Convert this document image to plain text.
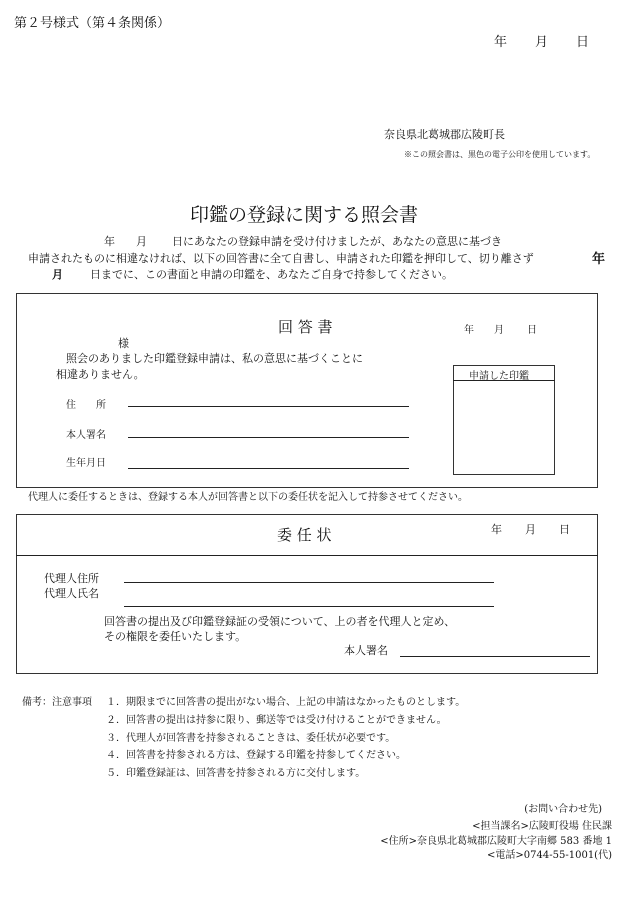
第２号様式（第４条関係）
年 月 日
奈良県北葛城郡広陵町長
※この照会書は、黒色の電子公印を使用しています。
印鑑の登録に関する照会書
年 月 日にあなたの登録申請を受け付けましたが、あなたの意思に基づき
申請されたものに相違なければ、以下の回答書に全て自書し、申請された印鑑を押印して、切り離さず	年
月 日までに、この書面と申請の印鑑を、あなたご自身で持参してください。
回 答 書	年 月 日
様
照会のありました印鑑登録申請は、私の意思に基づくことに
相違ありません。
住　　所
本人署名
生年月日
申請した印鑑
代理人に委任するときは、登録する本人が回答書と以下の委任状を記入して持参させてください。
委 任 状	年 月 日
代理人住所
代理人氏名
回答書の提出及び印鑑登録証の受領について、上の者を代理人と定め、
その権限を委任いたします。
本人署名
備考：注意事項 １．期限までに回答書の提出がない場合、上記の申請はなかったものとします。
２．回答書の提出は持参に限り、郵送等では受け付けることができません。
３．代理人が回答書を持参されることきは、委任状が必要です。
４．回答書を持参される方は、登録する印鑑を持参してください。
５．印鑑登録証は、回答書を持参される方に交付します。
(お問い合わせ先)
<担当課名>広陵町役場 住民課
<住所>奈良県北葛城郡広陵町大字南郷 583 番地 1
<電話>0744-55-1001(代)
